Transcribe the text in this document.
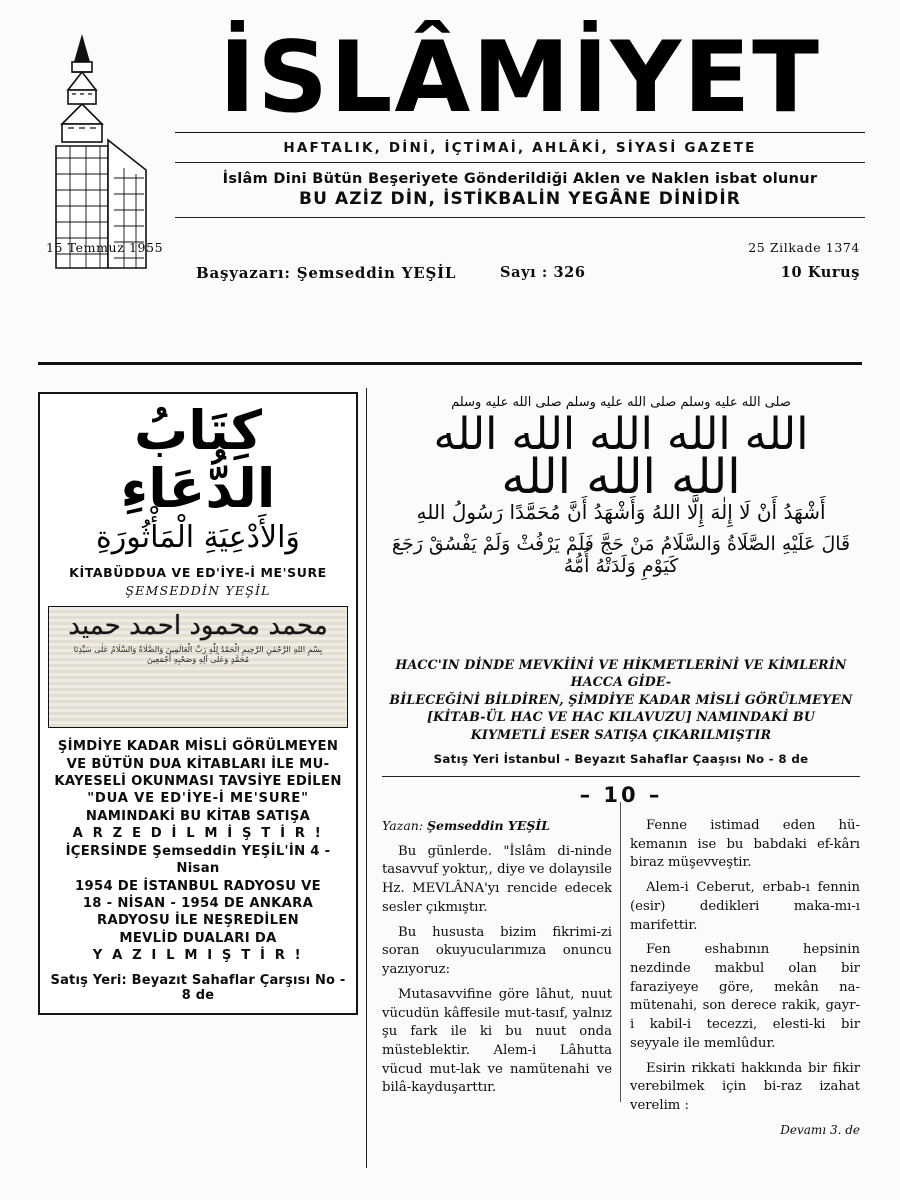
İSLÂMİYET
HAFTALIK, DİNİ, İÇTİMAİ, AHLÂKİ, SİYASİ GAZETE
İslâm Dini Bütün Beşeriyete Gönderildiği Aklen ve Naklen isbat olunur
BU AZİZ DİN, İSTİKBALİN YEGÂNE DİNİDİR
15 Temmuz 1955	25 Zilkade 1374
Başyazarı: Şemseddin YEŞİL	Sayı : 326	10 Kuruş
كِتَابُ الدُّعَاءِ
وَالأَدْعِيَةِ الْمَأْثُورَةِ
KİTABÜDDUA VE ED'İYE-İ ME'SURE
ŞEMSEDDİN YEŞİL
محمد محمود احمد حميد
بِسْمِ اللهِ الرَّحْمٰنِ الرَّحِيمِ الْحَمْدُ لِلّٰهِ رَبِّ الْعَالَمِينَ وَالصَّلَاةُ وَالسَّلَامُ عَلٰى سَيِّدِنَا مُحَمَّدٍ وَعَلٰى آلِهِ وَصَحْبِهِ أَجْمَعِينَ
ŞİMDİYE KADAR MİSLİ GÖRÜLMEYEN
VE BÜTÜN DUA KİTABLARI İLE MU-
KAYESELİ OKUNMASI TAVSİYE EDİLEN
"DUA VE ED'İYE-İ ME'SURE"
NAMINDAKİ BU KİTAB SATIŞA
A R Z E D İ L M İ Ş T İ R !
İÇERSİNDE Şemseddin YEŞİL'İN 4 - Nisan
1954 DE İSTANBUL RADYOSU VE
18 - NİSAN - 1954 DE ANKARA
RADYOSU İLE NEŞREDİLEN
MEVLİD DUALARI DA
Y A Z I L M I Ş T İ R !
Satış Yeri: Beyazıt Sahaflar Çarşısı No - 8 de
صلى الله عليه وسلم صلى الله عليه وسلم صلى الله عليه وسلم
الله الله الله الله الله
الله الله الله
أَشْهَدُ أَنْ لَا إِلٰهَ إِلَّا اللهُ وَأَشْهَدُ أَنَّ مُحَمَّدًا رَسُولُ اللهِ
قَالَ عَلَيْهِ الصَّلَاةُ وَالسَّلَامُ مَنْ حَجَّ فَلَمْ يَرْفُثْ وَلَمْ يَفْسُقْ رَجَعَ كَيَوْمِ وَلَدَتْهُ أُمُّهُ
HACC'IN DİNDE MEVKİİNİ VE HİKMETLERİNİ VE KİMLERİN HACCA GİDE-
BİLECEĞİNİ BİLDİREN, ŞİMDİYE KADAR MİSLİ GÖRÜLMEYEN
[KİTAB-ÜL HAC VE HAC KILAVUZU] NAMINDAKİ BU
KIYMETLİ ESER SATIŞA ÇIKARILMIŞTIR
Satış Yeri İstanbul - Beyazıt Sahaflar Çaaşısı No - 8 de
– 10 –

Yazan: Şemseddin YEŞİL

Bu günlerde. "İslâm di-ninde tasavvuf yoktur,, diye ve dolayısile Hz. MEVLÂNA'yı rencide edecek sesler çıkmıştır.

Bu hususta bizim fikrimi-zi soran okuyucularımıza onuncu yazıyoruz:

Mutasavvifine göre lâhut, nuut vücudün kâffesile mut-tasıf, yalnız şu fark ile ki bu nuut onda müsteblektir. Alem-i Lâhutta vücud mut-lak ve namütenahi ve bilâ-kayduşarttır.

Fenne istimad eden hü-kemanın ise bu babdaki ef-kârı biraz müşevveştir.

Alem-i Ceberut, erbab-ı fennin (esir) dedikleri maka-mı-ı marifettir.

Fen eshabının hepsinin nezdinde makbul olan bir faraziyeye göre, mekân na-mütenahi, son derece rakik, gayr-i kabil-i tecezzi, elesti-ki bir seyyale ile memlûdur.

Esirin rikkati hakkında bir fikir verebilmek için bi-raz izahat verelim :

Devamı 3. de
